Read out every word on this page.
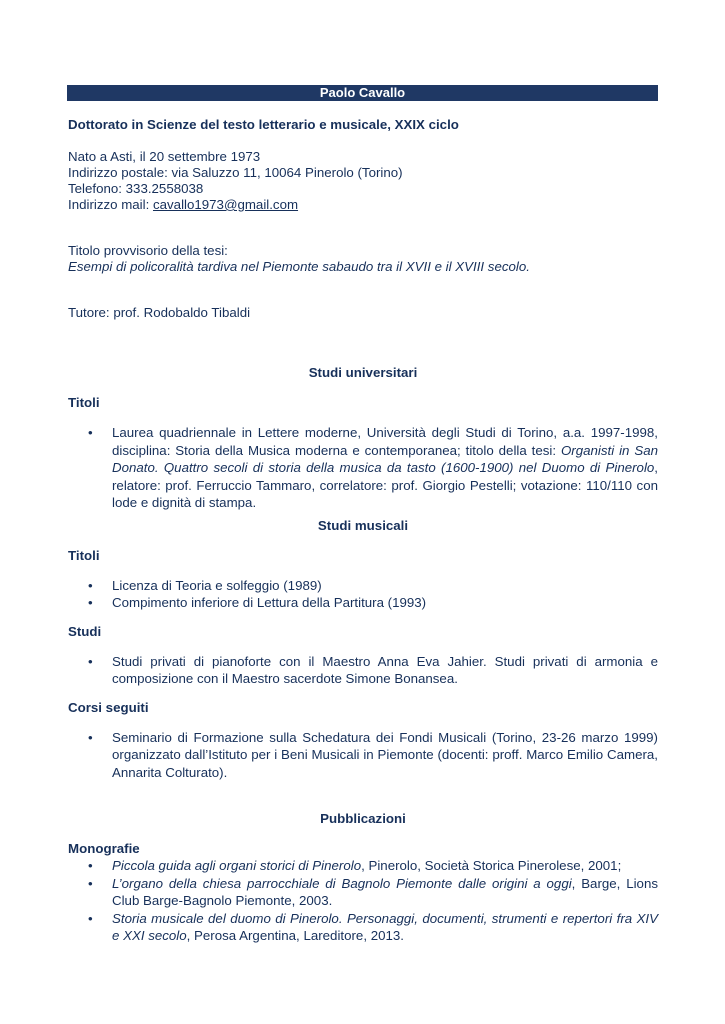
Paolo Cavallo

Dottorato in Scienze del testo letterario e musicale, XXIX ciclo

Nato a Asti, il 20 settembre 1973

Indirizzo postale: via Saluzzo 11, 10064 Pinerolo (Torino)

Telefono: 333.2558038

Indirizzo mail: cavallo1973@gmail.com

Titolo provvisorio della tesi:

Esempi di policoralità tardiva nel Piemonte sabaudo tra il XVII e il XVIII secolo.

Tutore: prof. Rodobaldo Tibaldi

Studi universitari

Titoli

• Laurea quadriennale in Lettere moderne, Università degli Studi di Torino, a.a. 1997-1998, disciplina: Storia della Musica moderna e contemporanea; titolo della tesi: Organisti in San Donato. Quattro secoli di storia della musica da tasto (1600-1900) nel Duomo di Pinerolo, relatore: prof. Ferruccio Tammaro, correlatore: prof. Giorgio Pestelli; votazione: 110/110 con lode e dignità di stampa.

Studi musicali

Titoli

• Licenza di Teoria e solfeggio (1989)
• Compimento inferiore di Lettura della Partitura (1993)

Studi

• Studi privati di pianoforte con il Maestro Anna Eva Jahier. Studi privati di armonia e composizione con il Maestro sacerdote Simone Bonansea.

Corsi seguiti

• Seminario di Formazione sulla Schedatura dei Fondi Musicali (Torino, 23-26 marzo 1999) organizzato dall’Istituto per i Beni Musicali in Piemonte (docenti: proff. Marco Emilio Camera, Annarita Colturato).

Pubblicazioni

Monografie

• Piccola guida agli organi storici di Pinerolo, Pinerolo, Società Storica Pinerolese, 2001;
• L’organo della chiesa parrocchiale di Bagnolo Piemonte dalle origini a oggi, Barge, Lions Club Barge-Bagnolo Piemonte, 2003.
• Storia musicale del duomo di Pinerolo. Personaggi, documenti, strumenti e repertori fra XIV e XXI secolo, Perosa Argentina, Lareditore, 2013.
